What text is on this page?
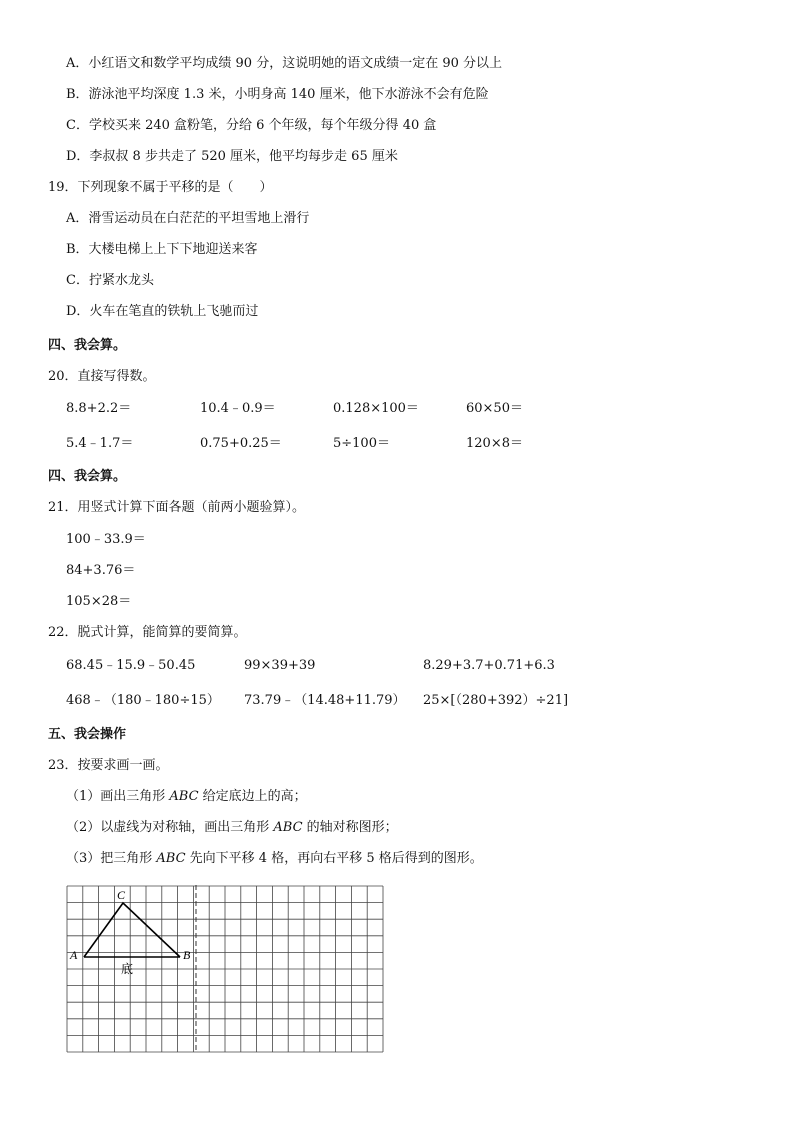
A．小红语文和数学平均成绩 90 分，这说明她的语文成绩一定在 90 分以上
B．游泳池平均深度 1.3 米，小明身高 140 厘米，他下水游泳不会有危险
C．学校买来 240 盒粉笔，分给 6 个年级，每个年级分得 40 盒
D．李叔叔 8 步共走了 520 厘米，他平均每步走 65 厘米
19．下列现象不属于平移的是（　　）
A．滑雪运动员在白茫茫的平坦雪地上滑行
B．大楼电梯上上下下地迎送来客
C．拧紧水龙头
D．火车在笔直的铁轨上飞驰而过
四、我会算。
20．直接写得数。
8.8+2.2＝	10.4﹣0.9＝	0.128×100＝	60×50＝
5.4﹣1.7＝	0.75+0.25＝	5÷100＝	120×8＝
四、我会算。
21．用竖式计算下面各题（前两小题验算）。
100﹣33.9＝
84+3.76＝
105×28＝
22．脱式计算，能简算的要简算。
68.45﹣15.9﹣50.45	99×39+39	8.29+3.7+0.71+6.3
468﹣（180﹣180÷15） 73.79﹣（14.48+11.79） 25×[（280+392）÷21]
五、我会操作
23．按要求画一画。
（1）画出三角形 ABC 给定底边上的高；
（2）以虚线为对称轴，画出三角形 ABC 的轴对称图形；
（3）把三角形 ABC 先向下平移 4 格，再向右平移 5 格后得到的图形。
C
A	B
底
